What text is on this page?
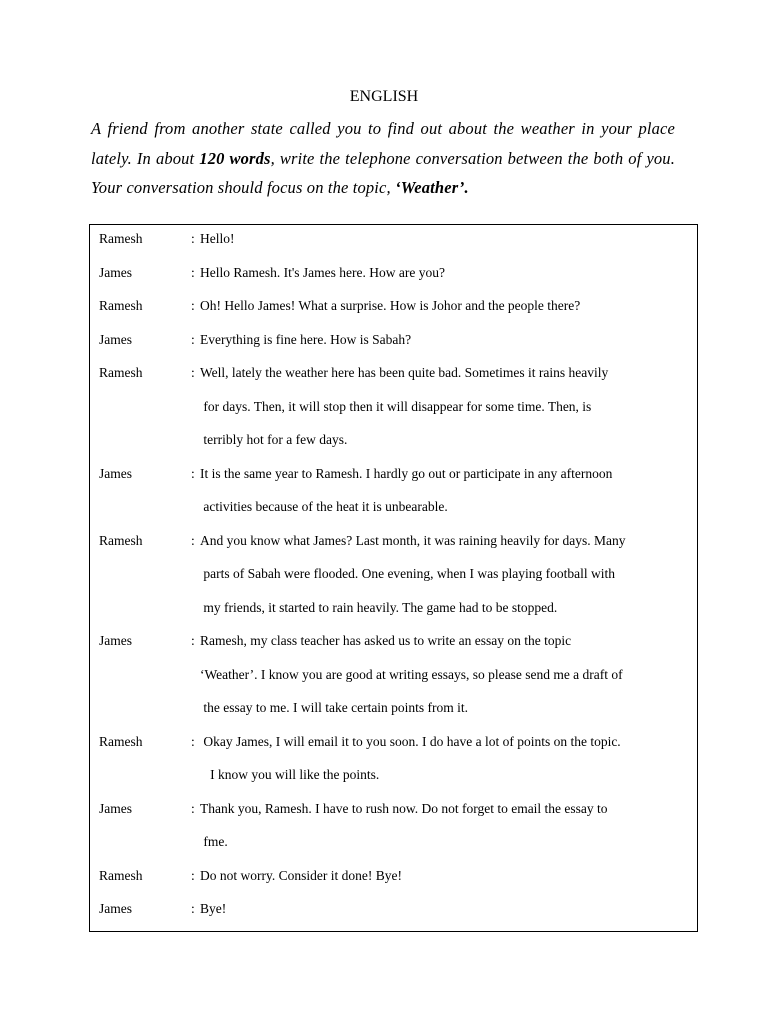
ENGLISH
A friend from another state called you to find out about the weather in your place lately. In about 120 words, write the telephone conversation between the both of you. Your conversation should focus on the topic, ‘Weather’.
Ramesh	: Hello!
James	: Hello Ramesh. It's James here. How are you?
Ramesh	: Oh! Hello James! What a surprise. How is Johor and the people there?
James	: Everything is fine here. How is Sabah?
Ramesh	: Well, lately the weather here has been quite bad. Sometimes it rains heavily
for days. Then, it will stop then it will disappear for some time. Then, is
terribly hot for a few days.
James	: It is the same year to Ramesh. I hardly go out or participate in any afternoon
activities because of the heat it is unbearable.
Ramesh	: And you know what James? Last month, it was raining heavily for days. Many
parts of Sabah were flooded. One evening, when I was playing football with
my friends, it started to rain heavily. The game had to be stopped.
James	: Ramesh, my class teacher has asked us to write an essay on the topic
‘Weather’. I know you are good at writing essays, so please send me a draft of
the essay to me. I will take certain points from it.
Ramesh	: Okay James, I will email it to you soon. I do have a lot of points on the topic.
I know you will like the points.
James	: Thank you, Ramesh. I have to rush now. Do not forget to email the essay to
fme.
Ramesh	: Do not worry. Consider it done! Bye!
James	: Bye!
